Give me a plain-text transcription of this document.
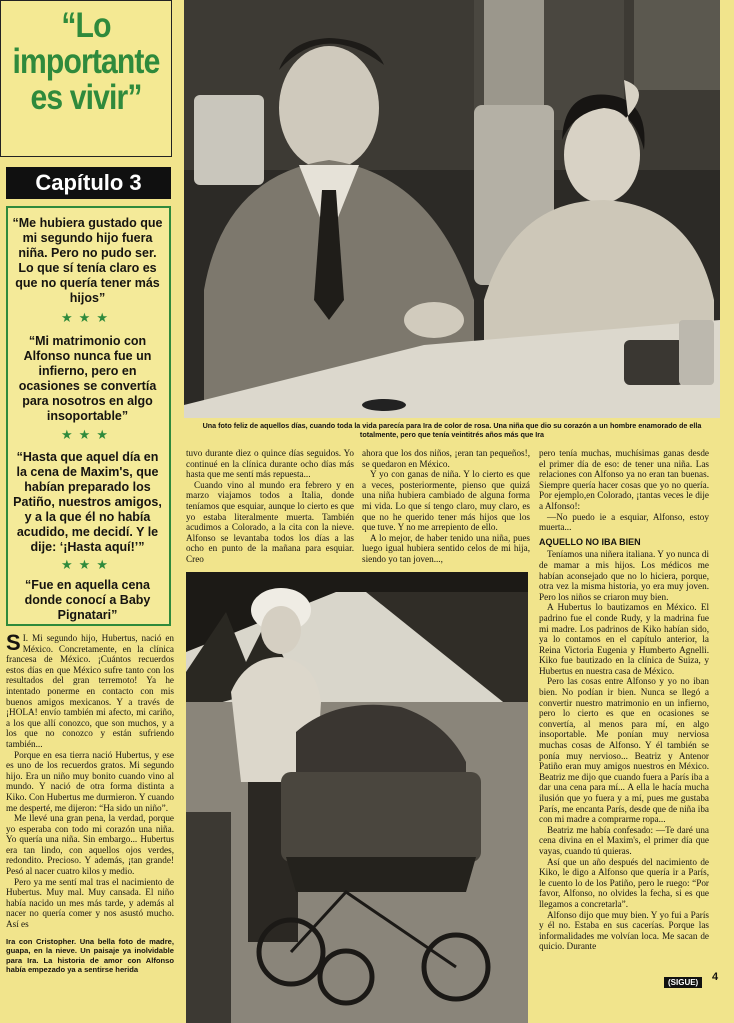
“Lo
importante
es vivir”
Capítulo 3
“Me hubiera gustado que mi segundo hijo fuera niña. Pero no pudo ser. Lo que sí tenía claro es que no quería tener más hijos”
★★★
“Mi matrimonio con Alfonso nunca fue un infierno, pero en ocasiones se convertía para nosotros en algo insoportable”
★★★
“Hasta que aquel día en la cena de Maxim's, que habían preparado los Patiño, nuestros amigos, y a la que él no había acudido, me decidí. Y le dije: ‘¡Hasta aquí!’”
★★★
“Fue en aquella cena donde conocí a Baby Pignatari”
Una foto feliz de aquellos días, cuando toda la vida parecía para Ira de color de rosa. Una niña que dio su corazón a un hombre enamorado de ella totalmente, pero que tenía veintitrés años más que Ira

S I. Mi segundo hijo, Hubertus, nació en México. Concretamente, en la clínica francesa de México. ¡Cuántos recuerdos estos días en que México sufre tanto con los resultados del gran terremoto! Ya he intentado ponerme en contacto con mis buenos amigos mexicanos. Y a través de ¡HOLA! envío también mi afecto, mi cariño, a los que allí conozco, que son muchos, y a los que no conozco y están sufriendo también...

Porque en esa tierra nació Hubertus, y ese es uno de los recuerdos gratos. Mi segundo hijo. Era un niño muy bonito cuando vino al mundo. Y nació de otra forma distinta a Kiko. Con Hubertus me durmieron. Y cuando me desperté, me dijeron: “Ha sido un niño”.

Me llevé una gran pena, la verdad, porque yo esperaba con todo mi corazón una niña. Yo quería una niña. Sin embargo... Hubertus era tan lindo, con aquellos ojos verdes, redondito. Precioso. Y además, ¡tan grande! Pesó al nacer cuatro kilos y medio.

Pero ya me sentí mal tras el nacimiento de Hubertus. Muy mal. Muy cansada. El niño había nacido un mes más tarde, y además al nacer no quería comer y nos asustó mucho. Así es

Ira con Cristopher. Una bella foto de madre, guapa, en la nieve. Un paisaje ya inolvidable para Ira. La historia de amor con Alfonso había empezado ya a sentirse herida

tuvo durante diez o quince días seguidos. Yo continué en la clínica durante ocho días más hasta que me sentí más repuesta...

Cuando vino al mundo era febrero y en marzo viajamos todos a Italia, donde teníamos que esquiar, aunque lo cierto es que yo estaba literalmente muerta. También acudimos a Colorado, a la cita con la nieve. Alfonso se levantaba todos los días a las ocho en punto de la mañana para esquiar. Creo

ahora que los dos niños, ¡eran tan pequeños!, se quedaron en México.

Y yo con ganas de niña. Y lo cierto es que a veces, posteriormente, pienso que quizá una niña hubiera cambiado de alguna forma mi vida. Lo que sí tengo claro, muy claro, es que no he querido tener más hijos que los que tuve. Y no me arrepiento de ello.

A lo mejor, de haber tenido una niña, pues luego igual hubiera sentido celos de mi hija, siendo yo tan joven...,

pero tenía muchas, muchísimas ganas desde el primer día de eso: de tener una niña. Las relaciones con Alfonso ya no eran tan buenas. Siempre quería hacer cosas que yo no quería. Por ejemplo,en Colorado, ¡tantas veces le dije a Alfonso!:

—No puedo ie a esquiar, Alfonso, estoy muerta...

AQUELLO NO IBA BIEN

Teníamos una niñera italiana. Y yo nunca di de mamar a mis hijos. Los médicos me habían aconsejado que no lo hiciera, porque, otra vez la misma historia, yo era muy joven. Pero los niños se criaron muy bien.

A Hubertus lo bautizamos en México. El padrino fue el conde Rudy, y la madrina fue mi madre. Los padrinos de Kiko habían sido, ya lo contamos en el capítulo anterior, la Reina Victoria Eugenia y Humberto Agnelli. Kiko fue bautizado en la clínica de Suiza, y Hubertus en nuestra casa de México.

Pero las cosas entre Alfonso y yo no iban bien. No podían ir bien. Nunca se llegó a convertir nuestro matrimonio en un infierno, pero lo cierto es que en ocasiones se convertía, al menos para mí, en algo insoportable. Me ponían muy nerviosa muchas cosas de Alfonso. Y él también se ponía muy nervioso... Beatriz y Antenor Patiño eran muy amigos nuestros en México. Beatriz me dijo que cuando fuera a París iba a dar una cena para mí... A ella le hacía mucha ilusión que yo fuera y a mí, pues me gustaba París, me encanta París, desde que de niña iba con mi madre a comprarme ropa...

Beatriz me había confesado: —Te daré una cena divina en el Maxim's, el primer día que vayas, cuando tú quieras.

Así que un año después del nacimiento de Kiko, le digo a Alfonso que quería ir a París, le cuento lo de los Patiño, pero le ruego: “Por favor, Alfonso, no olvides la fecha, si es que llegamos a concretarla”.

Alfonso dijo que muy bien. Y yo fui a París y él no. Estaba en sus cacerías. Porque las informalidades me volvían loca. Me sacan de quicio. Durante

(SIGUE)	4
